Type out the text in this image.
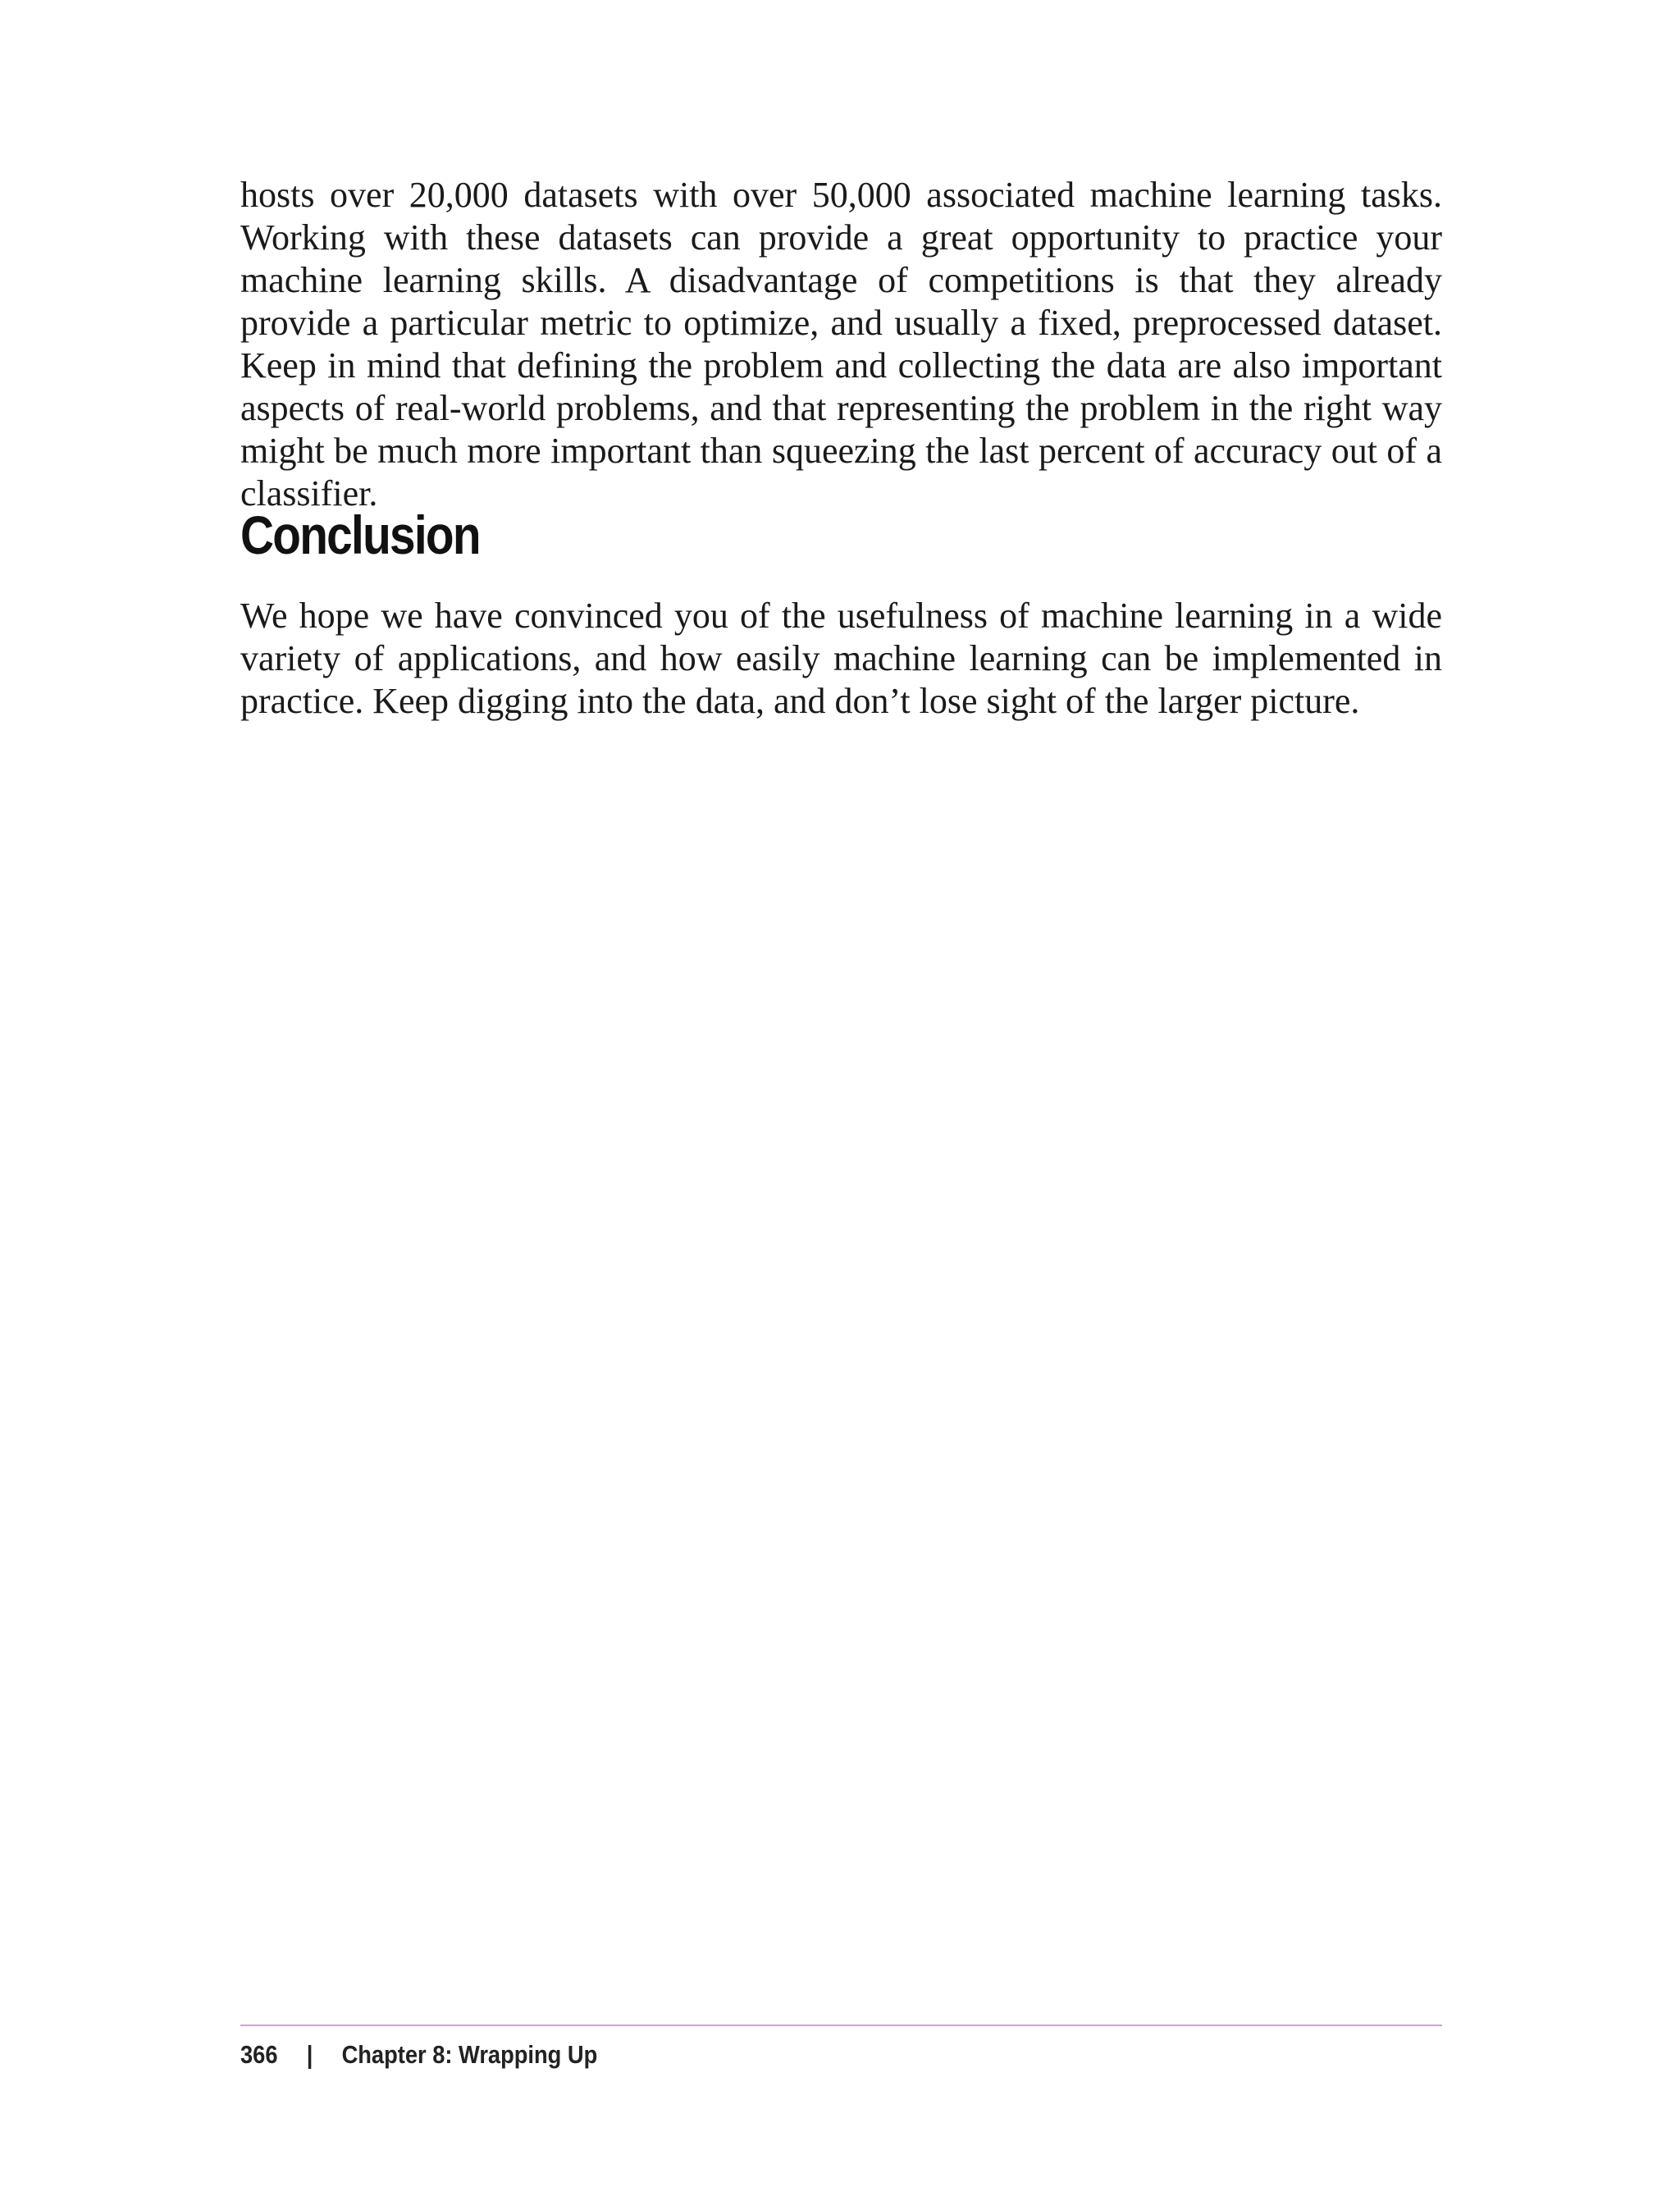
hosts over 20,000 datasets with over 50,000 associated machine learning tasks. Working with these datasets can provide a great opportunity to practice your machine learning skills. A disadvantage of competitions is that they already provide a particular metric to optimize, and usually a fixed, preprocessed dataset. Keep in mind that defining the problem and collecting the data are also important aspects of real-world problems, and that representing the problem in the right way might be much more important than squeezing the last percent of accuracy out of a classifier.

Conclusion

We hope we have convinced you of the usefulness of machine learning in a wide variety of applications, and how easily machine learning can be implemented in practice. Keep digging into the data, and don’t lose sight of the larger picture.

366 | Chapter 8: Wrapping Up
